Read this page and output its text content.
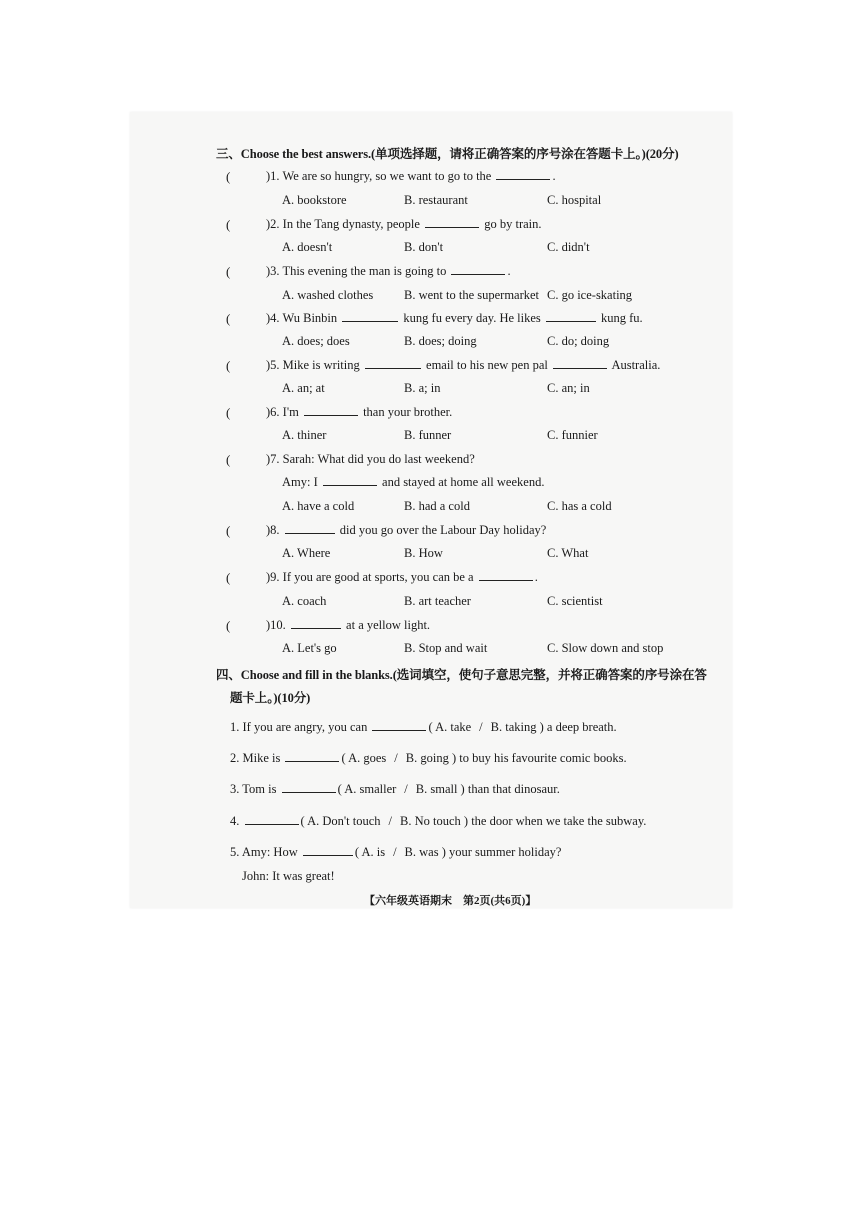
三、Choose the best answers.(单项选择题，请将正确答案的序号涂在答题卡上。)(20分)
(	)1. We are so hungry, so we want to go to the	.
A. bookstore	B. restaurant	C. hospital
(	)2. In the Tang dynasty, people	go by train.
A. doesn't	B. don't	C. didn't
(	)3. This evening the man is going to	.
A. washed clothes B. went to the supermarket C. go ice-skating
(	)4. Wu Binbin	kung fu every day. He likes	kung fu.
A. does; does	B. does; doing	C. do; doing
(	)5. Mike is writing	email to his new pen pal	Australia.
A. an; at	B. a; in	C. an; in
(	)6. I'm	than your brother.
A. thiner	B. funner	C. funnier
(	)7. Sarah: What did you do last weekend?
Amy: I	and stayed at home all weekend.
A. have a cold	B. had a cold	C. has a cold
(	)8.	did you go over the Labour Day holiday?
A. Where	B. How	C. What
(	)9. If you are good at sports, you can be a	.
A. coach	B. art teacher	C. scientist
(	)10.	at a yellow light.
A. Let's go	B. Stop and wait	C. Slow down and stop
四、Choose and fill in the blanks.(选词填空，使句子意思完整，并将正确答案的序号涂在答
题卡上。)(10分)
1. If you are angry, you can	( A. take / B. taking ) a deep breath.
2. Mike is	( A. goes / B. going ) to buy his favourite comic books.
3. Tom is	( A. smaller / B. small ) than that dinosaur.
4.	( A. Don't touch / B. No touch ) the door when we take the subway.
5. Amy: How	( A. is / B. was ) your summer holiday?
John: It was great!
【六年级英语期末　第2页(共6页)】
